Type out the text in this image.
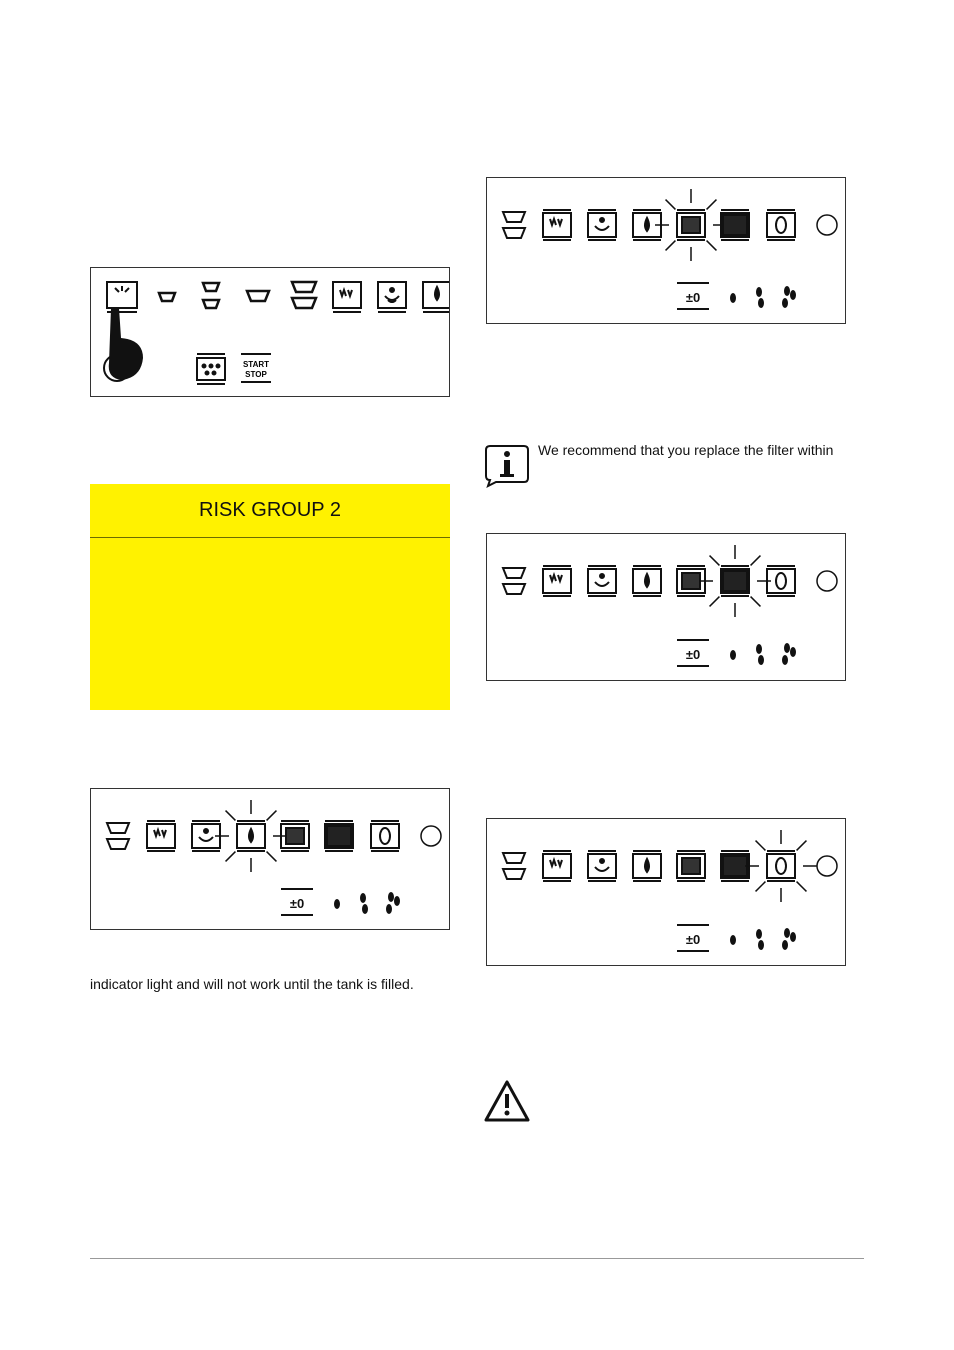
START
STOP
RISK GROUP 2
±0
±0
±0
±0
indicator light and will not work until the tank is filled.
We recommend that you replace the filter within
